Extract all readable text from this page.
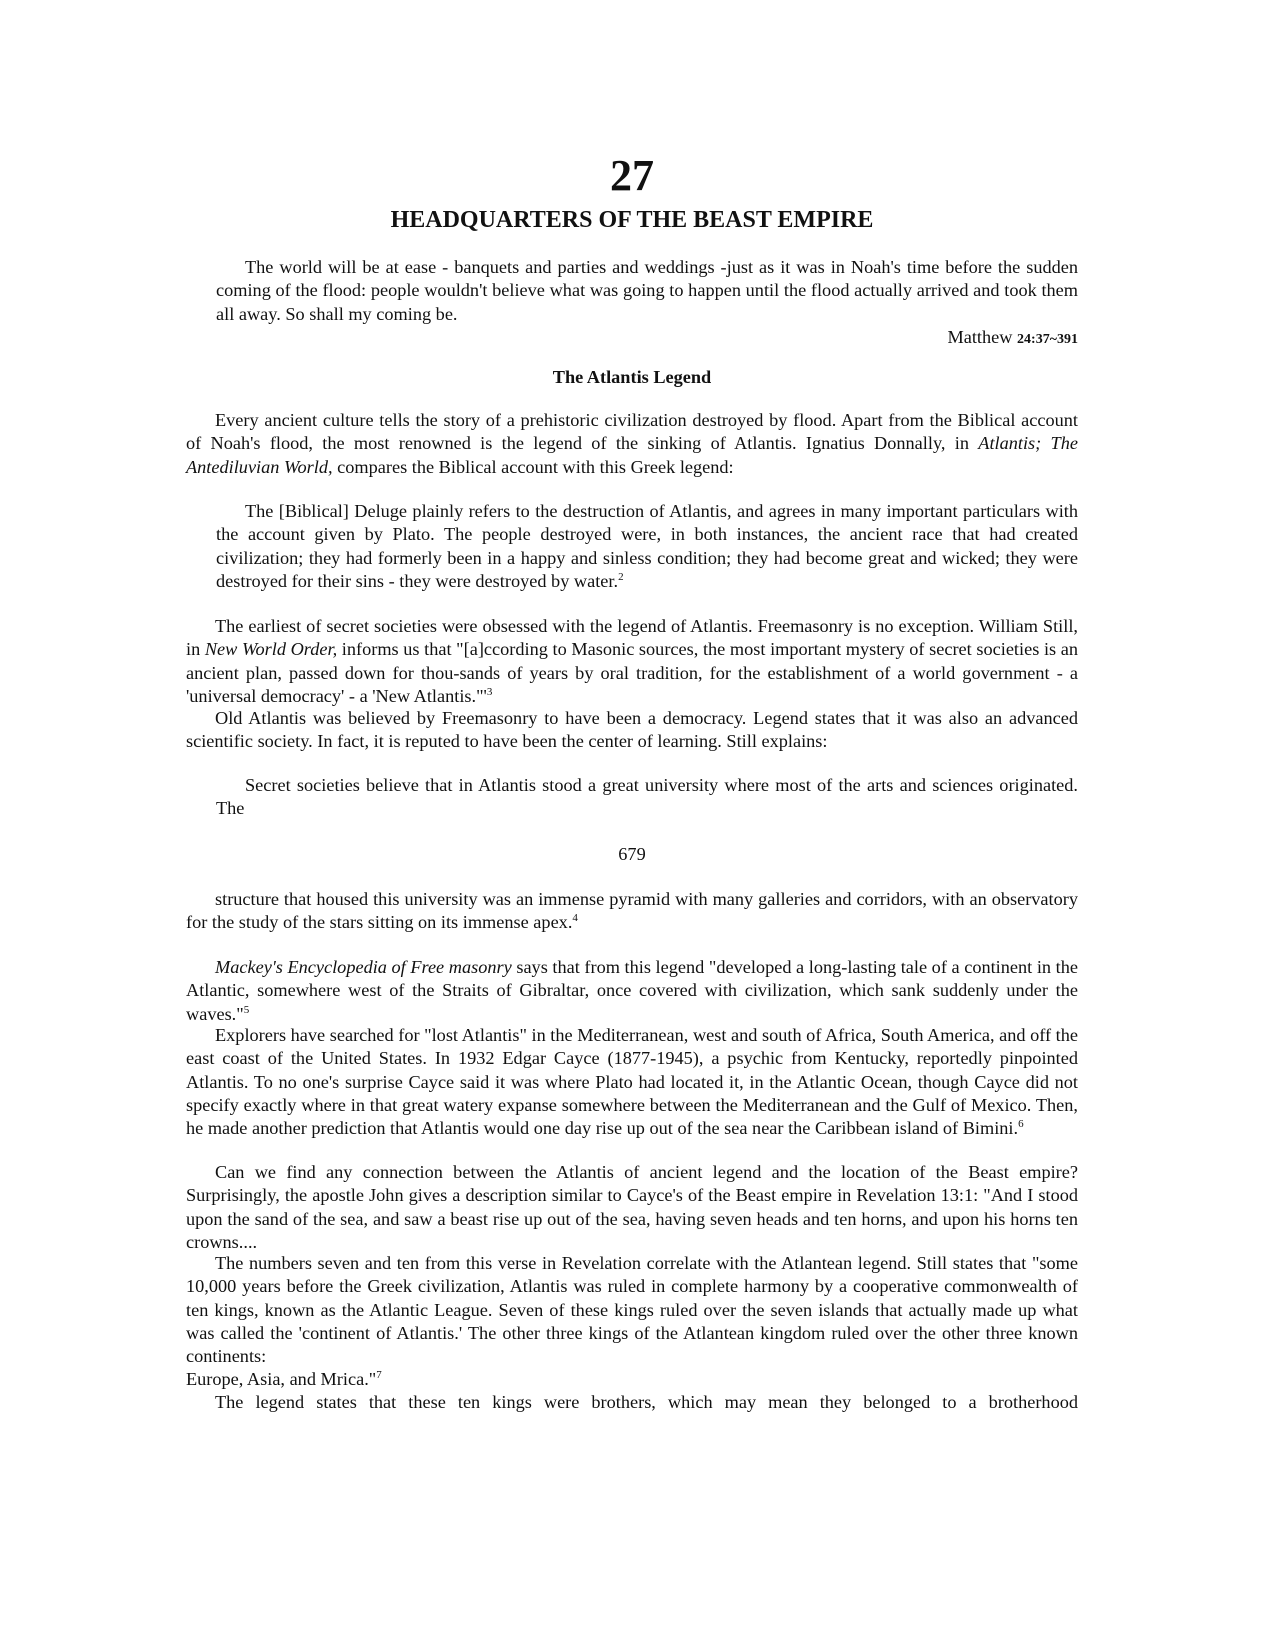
27
HEADQUARTERS OF THE BEAST EMPIRE

The world will be at ease - banquets and parties and weddings -just as it was in Noah's time before the sudden coming of the flood: people wouldn't believe what was going to happen until the flood actually arrived and took them all away. So shall my coming be.

Matthew 24:37~391
The Atlantis Legend

Every ancient culture tells the story of a prehistoric civilization destroyed by flood. Apart from the Biblical account of Noah's flood, the most renowned is the legend of the sinking of Atlantis. Ignatius Donnally, in Atlantis; The Antediluvian World, compares the Biblical account with this Greek legend:

The [Biblical] Deluge plainly refers to the destruction of Atlantis, and agrees in many important particulars with the account given by Plato. The people destroyed were, in both instances, the ancient race that had created civilization; they had formerly been in a happy and sinless condition; they had become great and wicked; they were destroyed for their sins - they were destroyed by water.$^2$

The earliest of secret societies were obsessed with the legend of Atlantis. Freemasonry is no exception. William Still, in New World Order, informs us that "[a]ccording to Masonic sources, the most important mystery of secret societies is an ancient plan, passed down for thou-sands of years by oral tradition, for the establishment of a world government - a 'universal democracy' - a 'New $Atlantis."'^3$

Old Atlantis was believed by Freemasonry to have been a democracy. Legend states that it was also an advanced scientific society. In fact, it is reputed to have been the center of learning. Still explains:

Secret societies believe that in Atlantis stood a great university where most of the arts and sciences originated. The

679

structure that housed this university was an immense pyramid with many galleries and corridors, with an observatory for the study of the stars sitting on its immense apex.$^4$

Mackey's Encyclopedia of Free masonry says that from this legend "developed a long-lasting tale of a continent in the Atlantic, somewhere west of the Straits of Gibraltar, once covered with civilization, which sank suddenly under the waves."$^5$

Explorers have searched for "lost Atlantis" in the Mediterranean, west and south of Africa, South America, and off the east coast of the United States. In 1932 Edgar Cayce (1877-1945), a psychic from Kentucky, reportedly pinpointed Atlantis. To no one's surprise Cayce said it was where Plato had located it, in the Atlantic Ocean, though Cayce did not specify exactly where in that great watery expanse somewhere between the Mediterranean and the Gulf of Mexico. Then, he made another prediction that Atlantis would one day rise up out of the sea near the Caribbean island of Bimini.$^6$

Can we find any connection between the Atlantis of ancient legend and the location of the Beast empire? Surprisingly, the apostle John gives a description similar to Cayce's of the Beast empire in Revelation 13:1: "And I stood upon the sand of the sea, and saw a beast rise up out of the sea, having seven heads and ten horns, and upon his horns ten crowns....

The numbers seven and ten from this verse in Revelation correlate with the Atlantean legend. Still states that "some 10,000 years before the Greek civilization, Atlantis was ruled in complete harmony by a cooperative commonwealth of ten kings, known as the Atlantic League. Seven of these kings ruled over the seven islands that actually made up what was called the 'continent of Atlantis.' The other three kings of the Atlantean kingdom ruled over the other three known continents:

Europe, Asia, and Mrica."$^7$

The legend states that these ten kings were brothers, which may mean they belonged to a brotherhood
